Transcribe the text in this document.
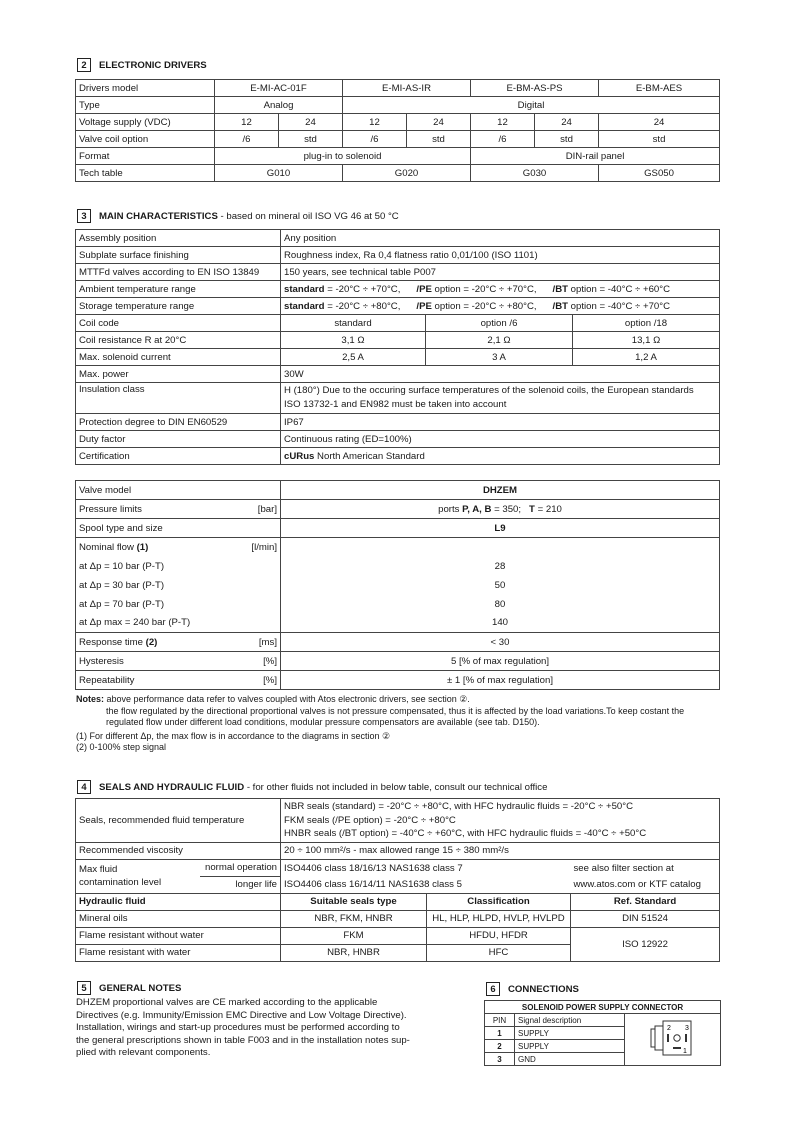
2	ELECTRONIC DRIVERS
Drivers model	E-MI-AC-01F		E-MI-AS-IR		E-BM-AS-PS		E-BM-AES
Type	Analog		Digital				
Voltage supply (VDC)	12	24	12	24	12	24	24
Valve coil option	/6	std	/6	std	/6	std	std
Format	plug-in to solenoid				DIN-rail panel		
Tech table	G010		G020		G030		GS050
3	MAIN CHARACTERISTICS - based on mineral oil ISO VG 46 at 50 °C
Assembly position	Any position		
Subplate surface finishing	Roughness index, Ra 0,4 flatness ratio 0,01/100 (ISO 1101)		
MTTFd valves according to EN ISO 13849	150 years, see technical table P007		
Ambient temperature range	standard = -20°C ÷ +70°C, /PE option = -20°C ÷ +70°C, /BT option = -40°C ÷ +60°C		
Storage temperature range	standard = -20°C ÷ +80°C, /PE option = -20°C ÷ +80°C, /BT option = -40°C ÷ +70°C		
Coil code	standard	option /6	option /18
Coil resistance R at 20°C	3,1 Ω	2,1 Ω	13,1 Ω
Max. solenoid current	2,5 A	3 A	1,2 A
Max. power	30W		
Insulation class	H (180°) Due to the occuring surface temperatures of the solenoid coils, the European standards
ISO 13732-1 and EN982 must be taken into account		

Protection degree to DIN EN60529	IP67		
Duty factor	Continuous rating (ED=100%)		
Certification	cURus North American Standard		
Valve model	DHZEM
Pressure limits [bar]	ports P, A, B = 350;   T = 210
Spool type and size	L9
Nominal flow (1) [l/min]	

at Δp = 10 bar (P-T)	28
at Δp = 30 bar (P-T)	50
at Δp = 70 bar (P-T)	80
at Δp max = 240 bar (P-T)	140
Response time (2) [ms]	< 30
Hysteresis [%]	5 [% of max regulation]
Repeatability [%]	± 1 [% of max regulation]

Notes: above performance data refer to valves coupled with Atos electronic drivers, see section ②.

the flow regulated by the directional proportional valves is not pressure compensated, thus it is affected by the load variations.To keep costant the

regulated flow under different load conditions, modular pressure compensators are available (see tab. D150).

(1) For different Δp, the max flow is in accordance to the diagrams in section ②

(2) 0-100% step signal

4	SEALS AND HYDRAULIC FLUID - for other fluids not included in below table, consult our technical office
Seals, recommended fluid temperature		NBR seals (standard) = -20°C ÷ +80°C, with HFC hydraulic fluids = -20°C ÷ +50°C
FKM seals (/PE option) = -20°C ÷ +80°C
HNBR seals (/BT option) = -40°C ÷ +60°C, with HFC hydraulic fluids = -40°C ÷ +50°C		

Recommended viscosity		20 ÷ 100 mm²/s - max allowed range 15 ÷ 380 mm²/s		

Max fluid
contamination level	normal operation	ISO4406 class 18/16/13 NAS1638 class 7		see also filter section at
	longer life	ISO4406 class 16/14/11 NAS1638 class 5		www.atos.com or KTF catalog
Hydraulic fluid		Suitable seals type	Classification	Ref. Standard
Mineral oils		NBR, FKM, HNBR	HL, HLP, HLPD, HVLP, HVLPD	DIN 51524
Flame resistant without water		FKM	HFDU, HFDR	ISO 12922
Flame resistant with water		NBR, HNBR	HFC	
5	GENERAL NOTES
DHZEM proportional valves are CE marked according to the applicable
Directives (e.g. Immunity/Emission EMC Directive and Low Voltage Directive).
Installation, wirings and start-up procedures must be performed according to
the general prescriptions shown in table F003 and in the installation notes sup-
plied with relevant components.
6	CONNECTIONS
SOLENOID POWER SUPPLY CONNECTOR		
PIN	Signal description	2 3
1

1	SUPPLY	
2	SUPPLY	
3	GND	
